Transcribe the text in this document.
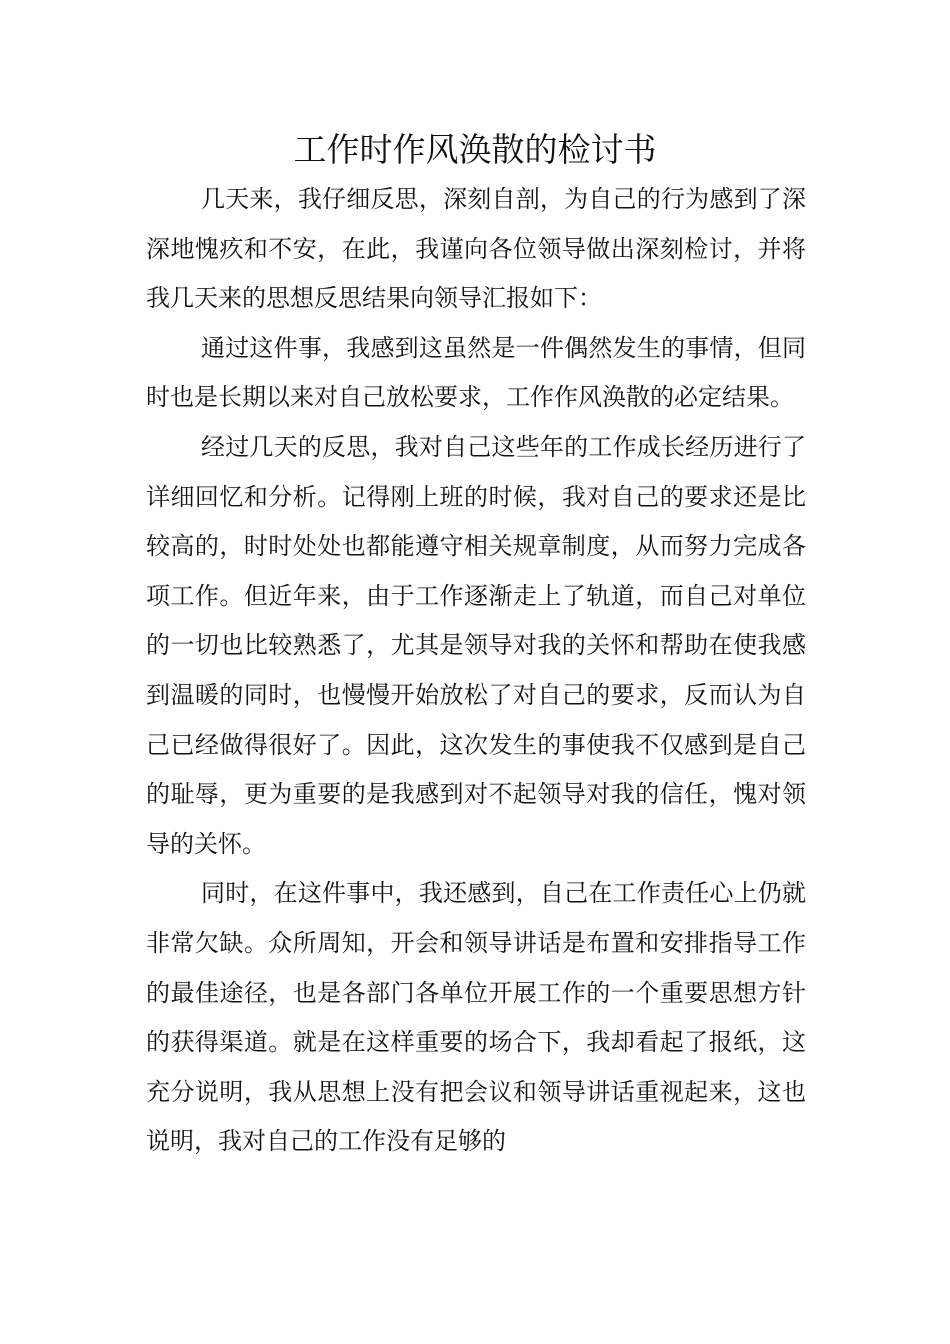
工作时作风涣散的检讨书

几天来，我仔细反思，深刻自剖，为自己的行为感到了深深地愧疚和不安，在此，我谨向各位领导做出深刻检讨，并将我几天来的思想反思结果向领导汇报如下：

通过这件事，我感到这虽然是一件偶然发生的事情，但同时也是长期以来对自己放松要求，工作作风涣散的必定结果。

经过几天的反思，我对自己这些年的工作成长经历进行了详细回忆和分析。记得刚上班的时候，我对自己的要求还是比较高的，时时处处也都能遵守相关规章制度，从而努力完成各项工作。但近年来，由于工作逐渐走上了轨道，而自己对单位的一切也比较熟悉了，尤其是领导对我的关怀和帮助在使我感到温暖的同时，也慢慢开始放松了对自己的要求，反而认为自己已经做得很好了。因此，这次发生的事使我不仅感到是自己的耻辱，更为重要的是我感到对不起领导对我的信任，愧对领导的关怀。

同时，在这件事中，我还感到，自己在工作责任心上仍就非常欠缺。众所周知，开会和领导讲话是布置和安排指导工作的最佳途径，也是各部门各单位开展工作的一个重要思想方针的获得渠道。就是在这样重要的场合下，我却看起了报纸，这充分说明，我从思想上没有把会议和领导讲话重视起来，这也说明，我对自己的工作没有足够的
